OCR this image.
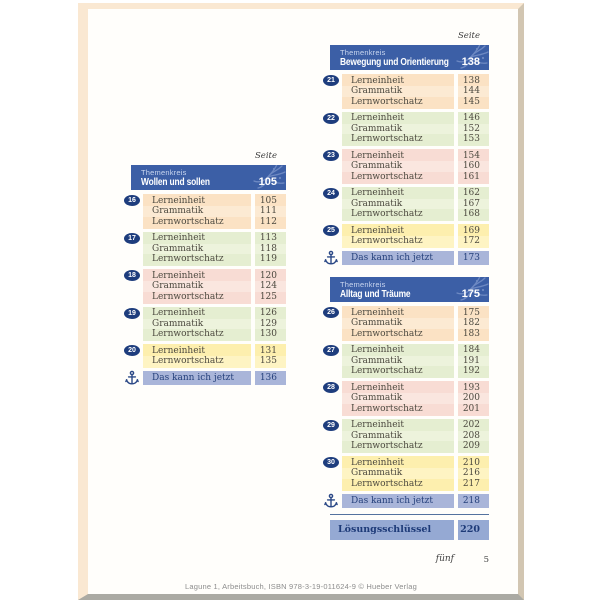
Seite
Themenkreis
Wollen und sollen	105
16	Lerneinheit	105
Grammatik	111
Lernwortschatz	112
17	Lerneinheit	113
Grammatik	118
Lernwortschatz	119
18	Lerneinheit	120
Grammatik	124
Lernwortschatz	125
19	Lerneinheit	126
Grammatik	129
Lernwortschatz	130
20	Lerneinheit	131
Lernwortschatz	135
Das kann ich jetzt	136
Seite
Themenkreis
Bewegung und Orientierung 138
21	Lerneinheit	138
Grammatik	144
Lernwortschatz	145
22	Lerneinheit	146
Grammatik	152
Lernwortschatz	153
23	Lerneinheit	154
Grammatik	160
Lernwortschatz	161
24	Lerneinheit	162
Grammatik	167
Lernwortschatz	168
25	Lerneinheit	169
Lernwortschatz	172
Das kann ich jetzt	173
Themenkreis
Alltag und Träume	175
26	Lerneinheit	175
Grammatik	182
Lernwortschatz	183
27	Lerneinheit	184
Grammatik	191
Lernwortschatz	192
28	Lerneinheit	193
Grammatik	200
Lernwortschatz	201
29	Lerneinheit	202
Grammatik	208
Lernwortschatz	209
30	Lerneinheit	210
Grammatik	216
Lernwortschatz	217
Das kann ich jetzt	218
Lösungsschlüssel	220
fünf	5
Lagune 1, Arbeitsbuch, ISBN 978-3-19-011624-9 © Hueber Verlag
